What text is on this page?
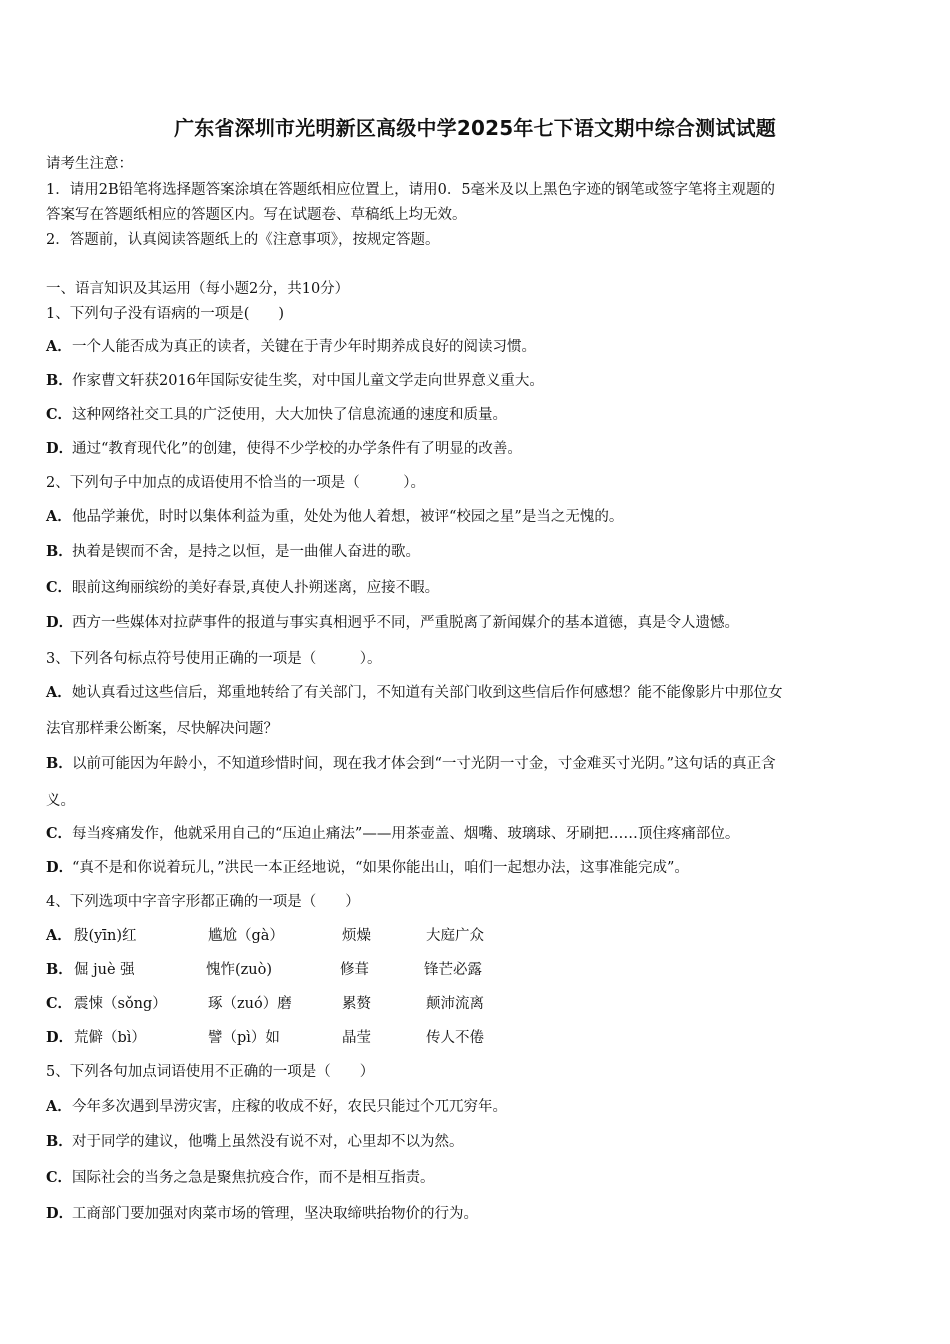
广东省深圳市光明新区高级中学2025年七下语文期中综合测试试题
请考生注意：
1．请用2B铅笔将选择题答案涂填在答题纸相应位置上，请用0．5毫米及以上黑色字迹的钢笔或签字笔将主观题的
答案写在答题纸相应的答题区内。写在试题卷、草稿纸上均无效。
2．答题前，认真阅读答题纸上的《注意事项》，按规定答题。
一、语言知识及其运用（每小题2分，共10分）
1、下列句子没有语病的一项是(　　)
A．一个人能否成为真正的读者，关键在于青少年时期养成良好的阅读习惯。
B．作家曹文轩获2016年国际安徒生奖，对中国儿童文学走向世界意义重大。
C．这种网络社交工具的广泛使用，大大加快了信息流通的速度和质量。
D．通过“教育现代化”的创建，使得不少学校的办学条件有了明显的改善。
2、下列句子中加点的成语使用不恰当的一项是（　　　）。
A．他品学兼优，时时以集体利益为重，处处为他人着想，被评“校园之星”是当之无愧的。
B．执着是锲而不舍，是持之以恒，是一曲催人奋进的歌。
C．眼前这绚丽缤纷的美好春景,真使人扑朔迷离，应接不暇。
D．西方一些媒体对拉萨事件的报道与事实真相迥乎不同，严重脱离了新闻媒介的基本道德，真是令人遗憾。
3、下列各句标点符号使用正确的一项是（　　　）。
A．她认真看过这些信后，郑重地转给了有关部门，不知道有关部门收到这些信后作何感想？能不能像影片中那位女
法官那样秉公断案，尽快解决问题？
B．以前可能因为年龄小，不知道珍惜时间，现在我才体会到“一寸光阴一寸金，寸金难买寸光阴。”这句话的真正含
义。
C．每当疼痛发作，他就采用自己的“压迫止痛法”——用茶壶盖、烟嘴、玻璃球、牙刷把……顶住疼痛部位。
D．“真不是和你说着玩儿，”洪民一本正经地说，“如果你能出山，咱们一起想办法，这事准能完成”。
4、下列选项中字音字形都正确的一项是（　　）
A． 殷(yīn)红	尴尬（gà）	烦燥	大庭广众
B． 倔 juè 强	愧怍(zuò)	修葺	锋芒必露
C． 震悚（sǒng）	琢（zuó）磨	累赘	颠沛流离
D． 荒僻（bì）	譬（pì）如	晶莹	传人不倦
5、下列各句加点词语使用不正确的一项是（　　）
A．今年多次遇到旱涝灾害，庄稼的收成不好，农民只能过个兀兀穷年。
B．对于同学的建议，他嘴上虽然没有说不对，心里却不以为然。
C．国际社会的当务之急是聚焦抗疫合作，而不是相互指责。
D．工商部门要加强对肉菜市场的管理，坚决取缔哄抬物价的行为。
